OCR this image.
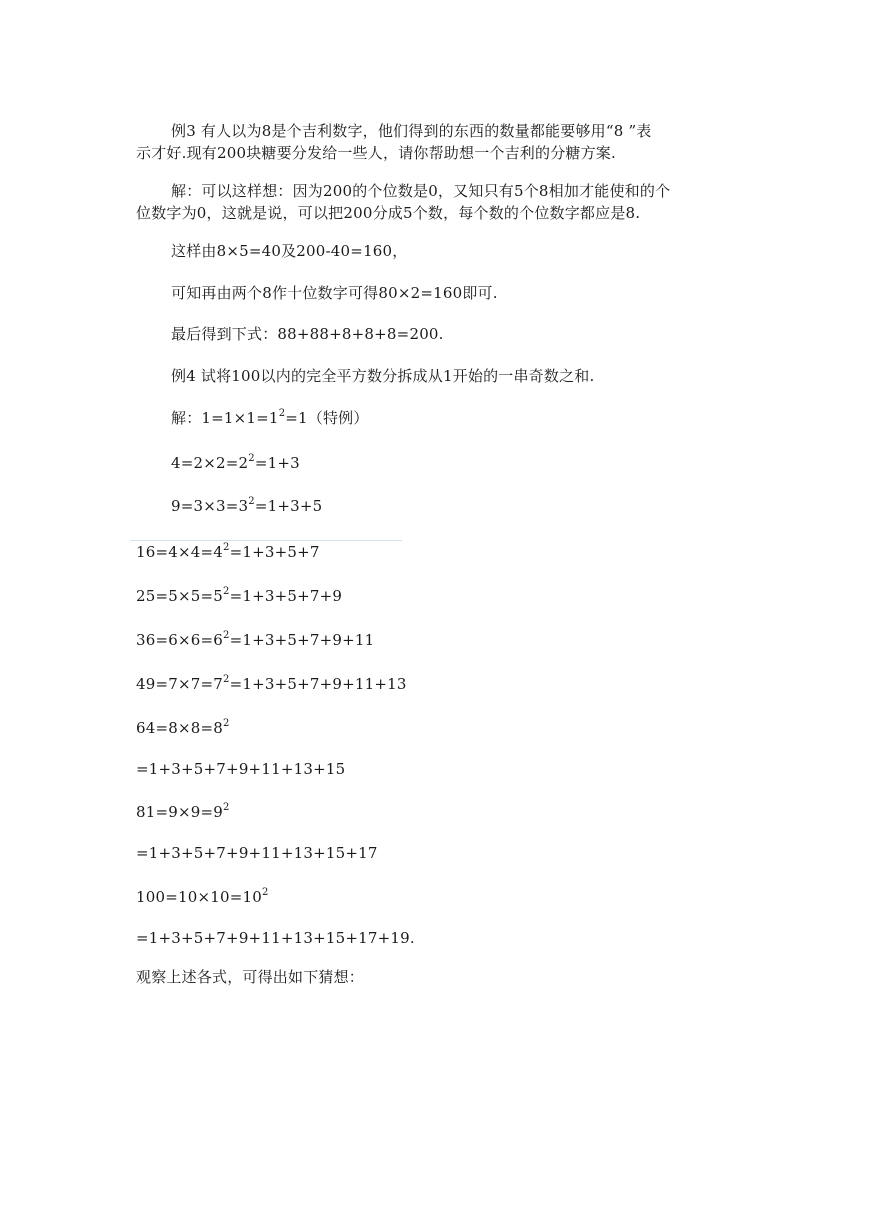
例3 有人以为8是个吉利数字，他们得到的东西的数量都能要够用“8 ”表
示才好.现有200块糖要分发给一些人，请你帮助想一个吉利的分糖方案.
解：可以这样想：因为200的个位数是0，又知只有5个8相加才能使和的个
位数字为0，这就是说，可以把200分成5个数，每个数的个位数字都应是8.
这样由8×5=40及200-40=160，
可知再由两个8作十位数字可得80×2=160即可.
最后得到下式：88+88+8+8+8=200.
例4 试将100以内的完全平方数分拆成从1开始的一串奇数之和.
解：$1=1\times 1=1^2=1$（特例）
$4=2\times 2=2^2=1+3$
$9=3\times 3=3^2=1+3+5$
$16=4\times 4=4^2=1+3+5+7$
$25=5\times 5=5^2=1+3+5+7+9$
$36=6\times 6=6^2=1+3+5+7+9+11$
$49=7\times 7=7^2=1+3+5+7+9+11+13$
$64=8\times 8=8^2$
=1+3+5+7+9+11+13+15
$81=9\times 9=9^2$
=1+3+5+7+9+11+13+15+17
$100=10\times 10=10^2$
=1+3+5+7+9+11+13+15+17+19.
观察上述各式，可得出如下猜想：
